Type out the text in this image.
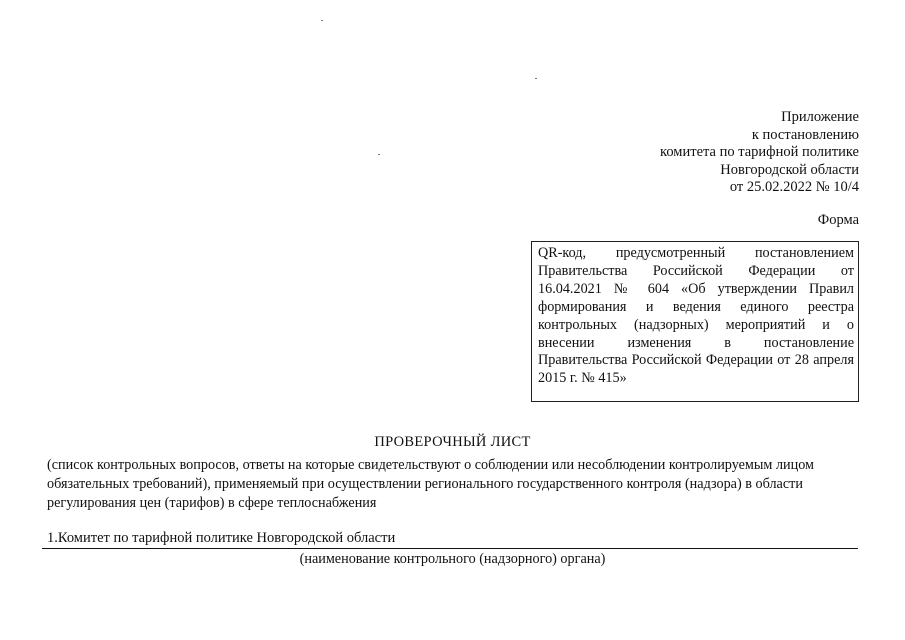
Приложение
к постановлению
комитета по тарифной политике
Новгородской области
от 25.02.2022 № 10/4
Форма

QR-код, предусмотренный постановлением Правительства Российской Федерации от 16.04.2021 № 604 «Об утверждении Правил формирования и ведения единого реестра контрольных (надзорных) мероприятий и о внесении изменения в постановление Правительства Российской Федерации от 28 апреля 2015 г. № 415»

ПРОВЕРОЧНЫЙ ЛИСТ
(список контрольных вопросов, ответы на которые свидетельствуют о соблюдении или несоблюдении контролируемым лицом обязательных требований), применяемый при осуществлении регионального государственного контроля (надзора) в области регулирования цен (тарифов) в сфере теплоснабжения
1.Комитет по тарифной политике Новгородской области
(наименование контрольного (надзорного) органа)
